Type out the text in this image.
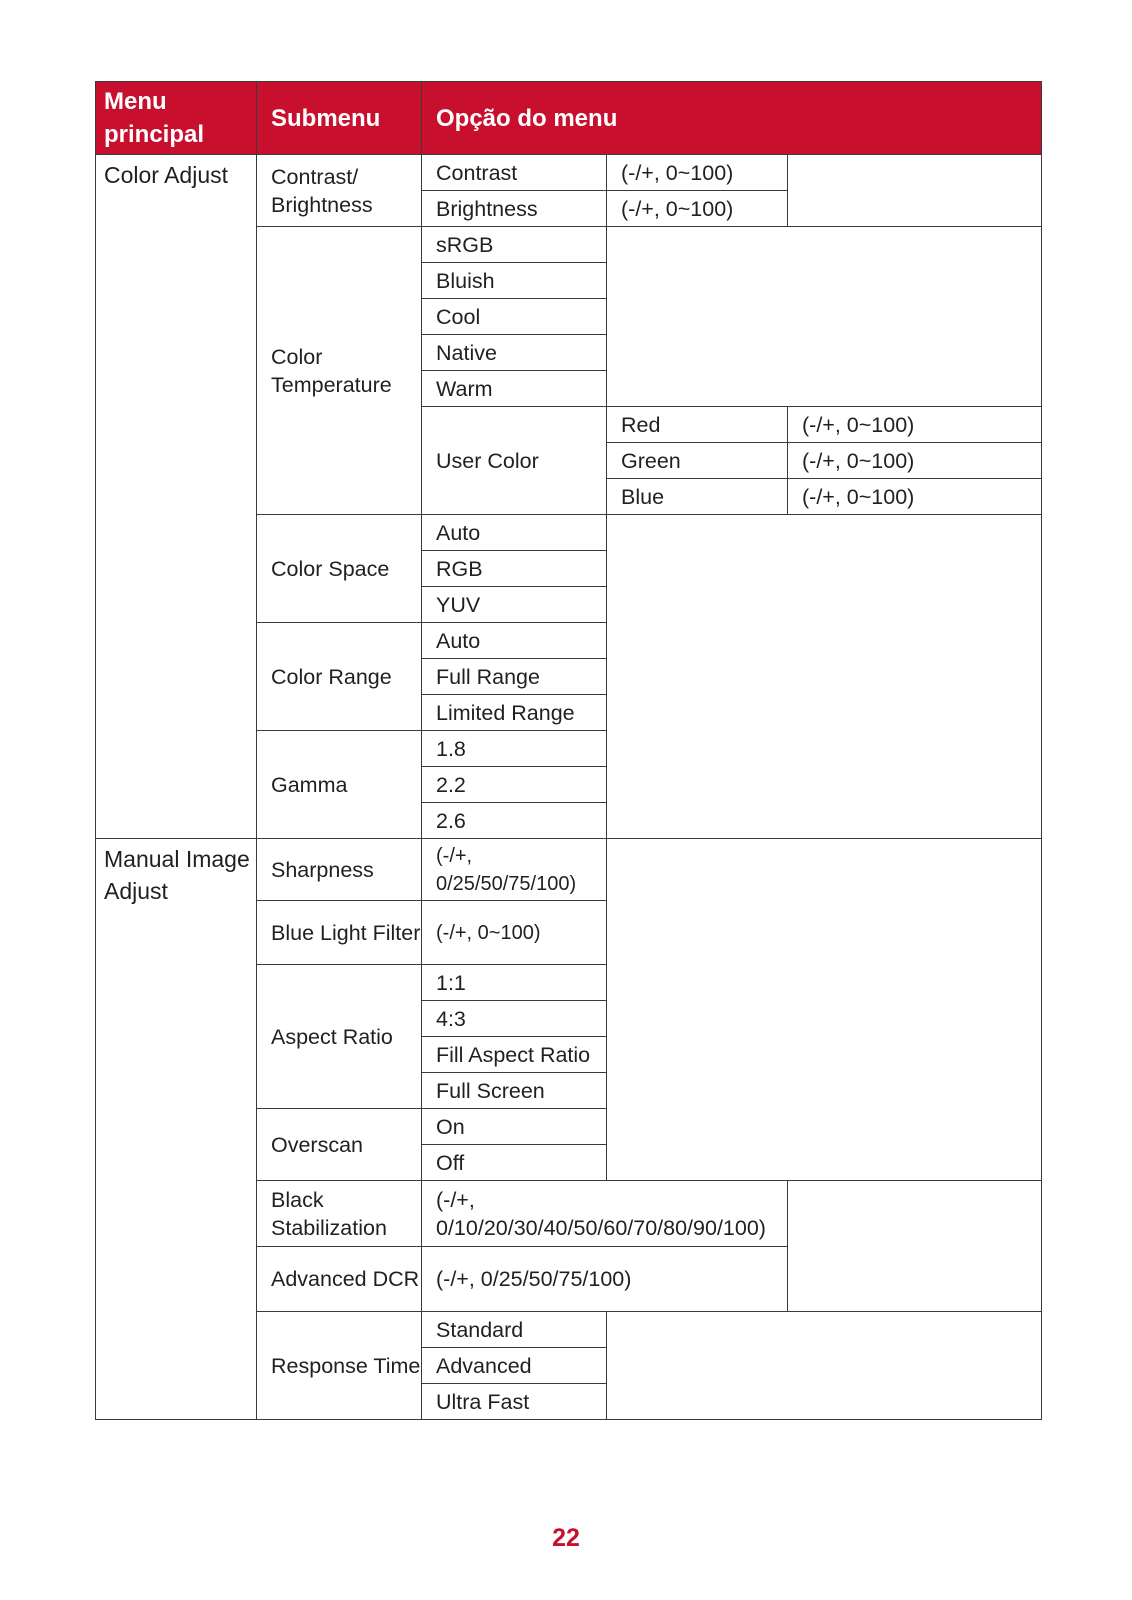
Menu principal	Submenu	Opção do menu		
Color Adjust	Contrast/ Brightness	Contrast	(-/+, 0~100)	
		Brightness	(-/+, 0~100)	
	Color Temperature	sRGB		
		Bluish		
		Cool		
		Native		
		Warm		
		User Color	Red	(-/+, 0~100)
			Green	(-/+, 0~100)
			Blue	(-/+, 0~100)
	Color Space	Auto		
		RGB		
		YUV		
	Color Range	Auto		
		Full Range		
		Limited Range		
	Gamma	1.8		
		2.2		
		2.6		
Manual Image Adjust	Sharpness	(-/+, 0/25/50/75/100)		
	Blue Light Filter	(-/+, 0~100)		
	Aspect Ratio	1:1		
		4:3		
		Fill Aspect Ratio		
		Full Screen		
	Overscan	On		
		Off		
	Black Stabilization	(-/+, 0/10/20/30/40/50/60/70/80/90/100)		
	Advanced DCR	(-/+, 0/25/50/75/100)		
	Response Time	Standard		
		Advanced		
		Ultra Fast		
22
